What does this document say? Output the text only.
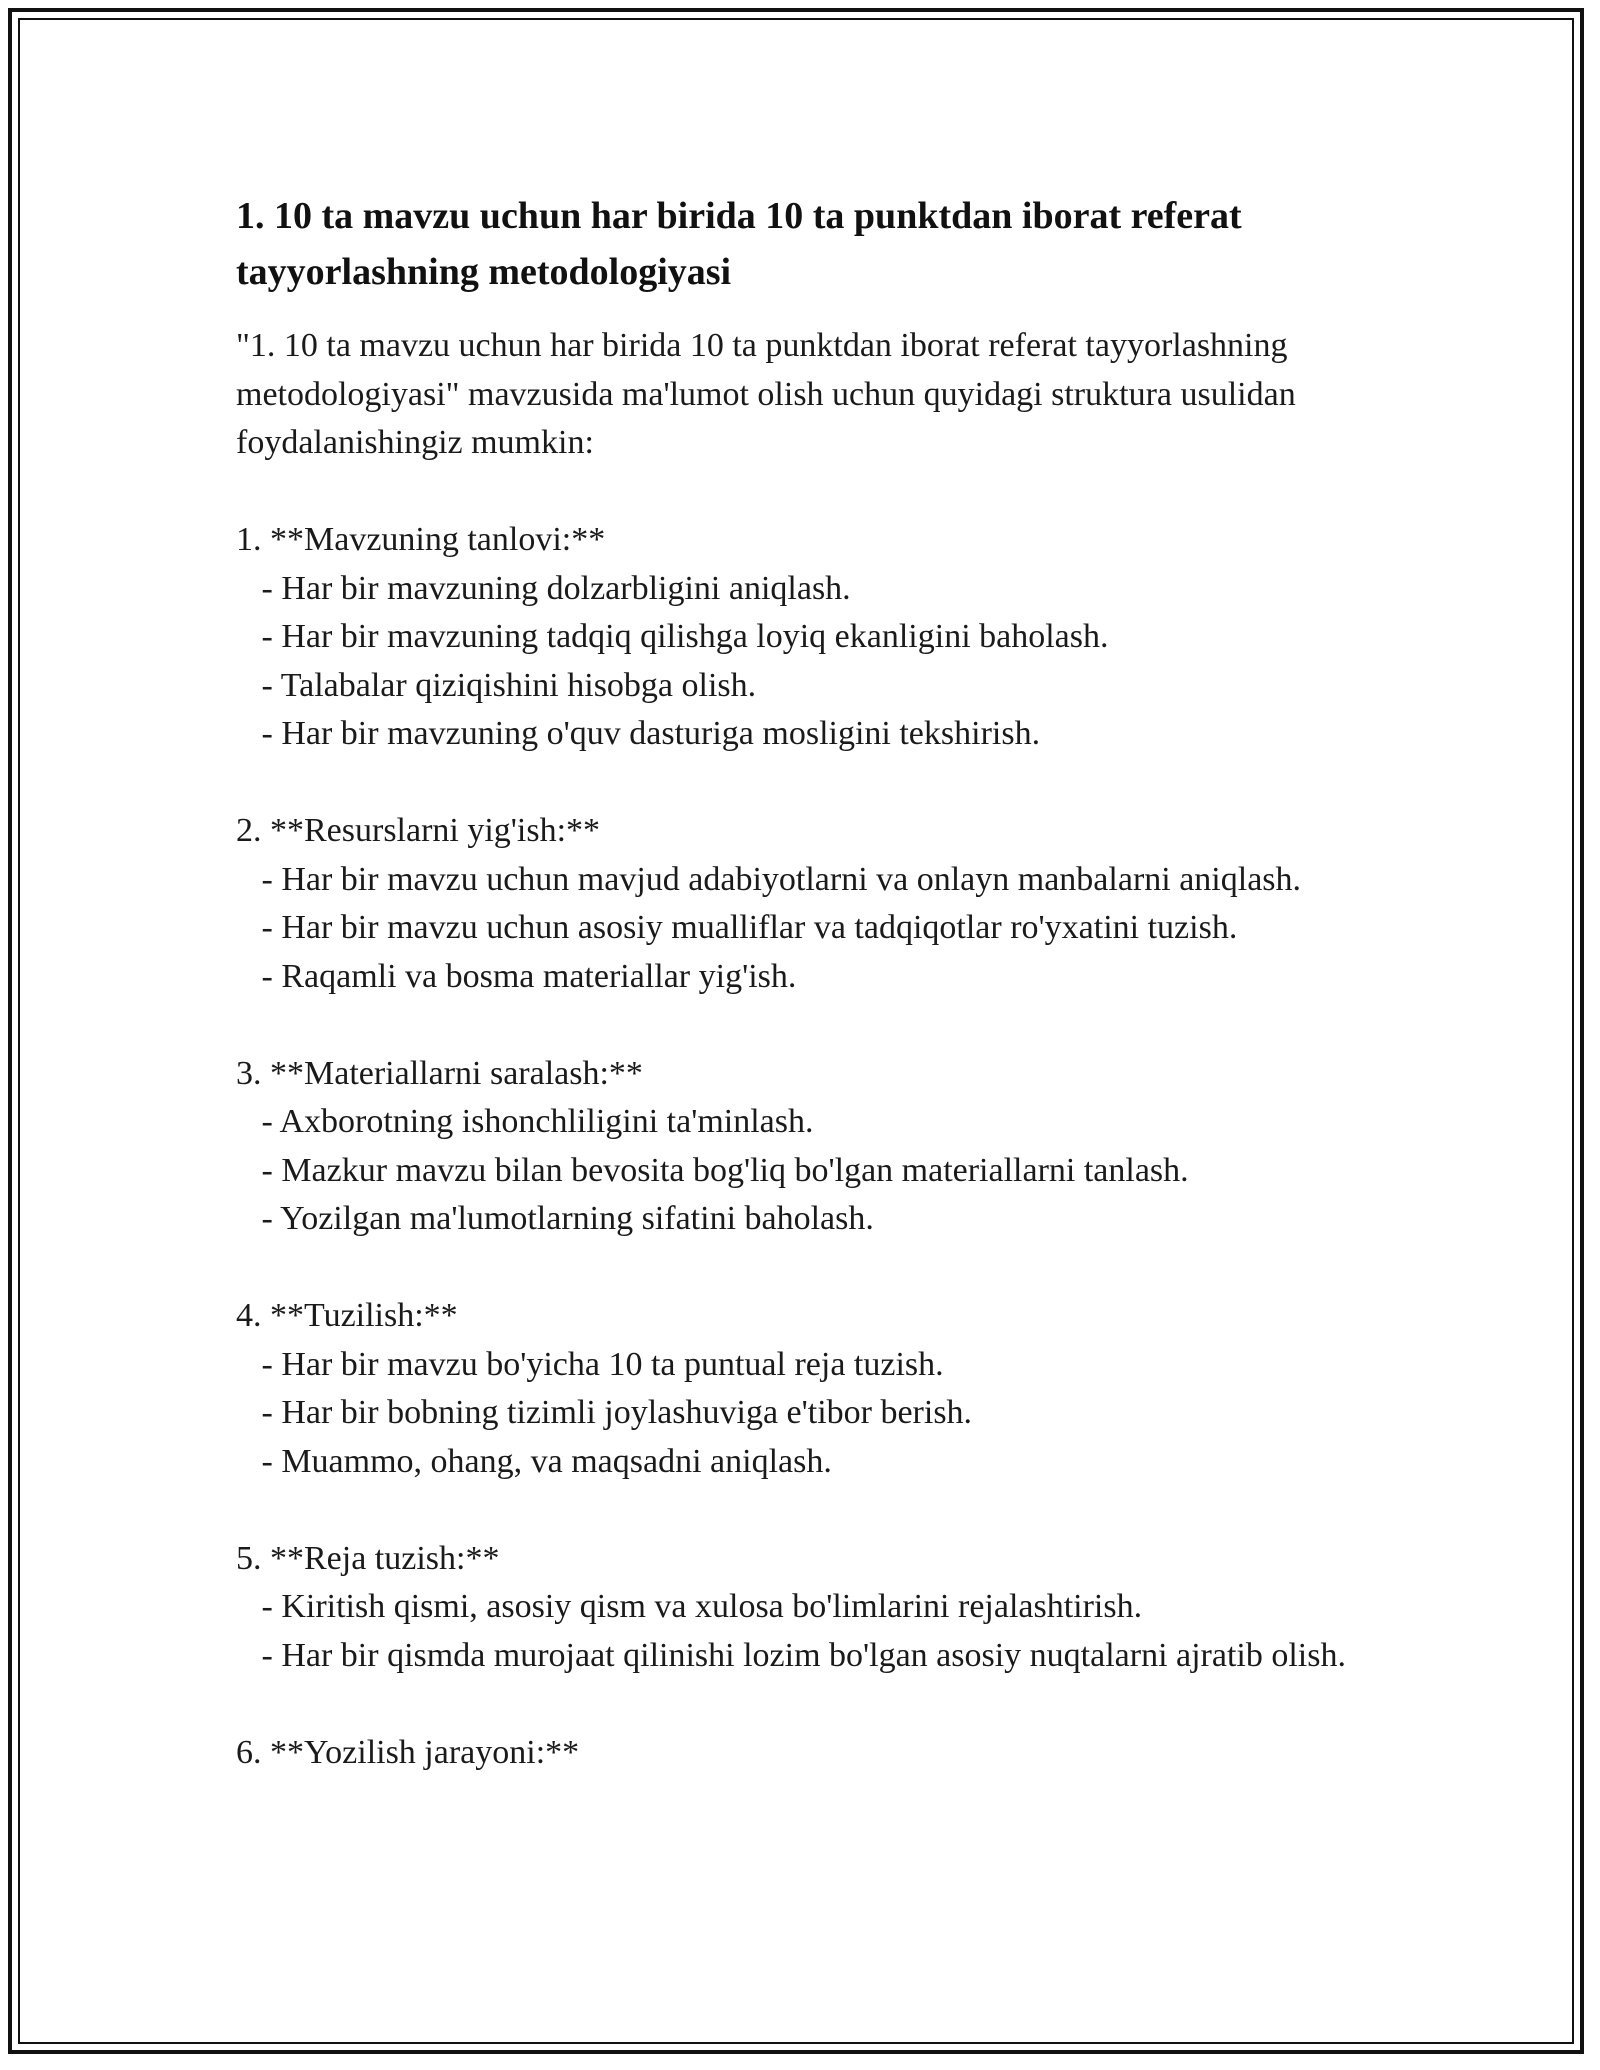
1. 10 ta mavzu uchun har birida 10 ta punktdan iborat referat tayyorlashning metodologiyasi

"1. 10 ta mavzu uchun har birida 10 ta punktdan iborat referat tayyorlashning metodologiyasi" mavzusida ma'lumot olish uchun quyidagi struktura usulidan foydalanishingiz mumkin:

1. **Mavzuning tanlovi:**

- Har bir mavzuning dolzarbligini aniqlash.

- Har bir mavzuning tadqiq qilishga loyiq ekanligini baholash.

- Talabalar qiziqishini hisobga olish.

- Har bir mavzuning o'quv dasturiga mosligini tekshirish.

2. **Resurslarni yig'ish:**

- Har bir mavzu uchun mavjud adabiyotlarni va onlayn manbalarni aniqlash.

- Har bir mavzu uchun asosiy mualliflar va tadqiqotlar ro'yxatini tuzish.

- Raqamli va bosma materiallar yig'ish.

3. **Materiallarni saralash:**

- Axborotning ishonchliligini ta'minlash.

- Mazkur mavzu bilan bevosita bog'liq bo'lgan materiallarni tanlash.

- Yozilgan ma'lumotlarning sifatini baholash.

4. **Tuzilish:**

- Har bir mavzu bo'yicha 10 ta puntual reja tuzish.

- Har bir bobning tizimli joylashuviga e'tibor berish.

- Muammo, ohang, va maqsadni aniqlash.

5. **Reja tuzish:**

- Kiritish qismi, asosiy qism va xulosa bo'limlarini rejalashtirish.

- Har bir qismda murojaat qilinishi lozim bo'lgan asosiy nuqtalarni ajratib olish.

6. **Yozilish jarayoni:**
